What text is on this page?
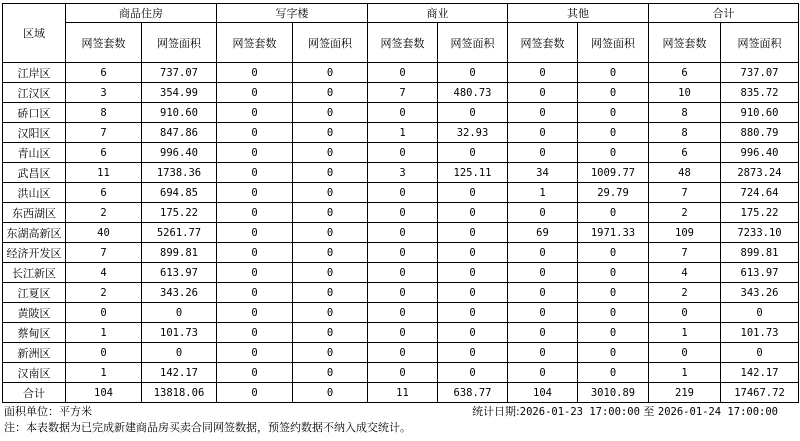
区域	商品住房		写字楼		商业		其他		合计	
	网签套数	网签面积	网签套数	网签面积	网签套数	网签面积	网签套数	网签面积	网签套数	网签面积
江岸区	6	737.07	0	0	0	0	0	0	6	737.07
江汉区	3	354.99	0	0	7	480.73	0	0	10	835.72
硚口区	8	910.60	0	0	0	0	0	0	8	910.60
汉阳区	7	847.86	0	0	1	32.93	0	0	8	880.79
青山区	6	996.40	0	0	0	0	0	0	6	996.40
武昌区	11	1738.36	0	0	3	125.11	34	1009.77	48	2873.24
洪山区	6	694.85	0	0	0	0	1	29.79	7	724.64
东西湖区	2	175.22	0	0	0	0	0	0	2	175.22
东湖高新区	40	5261.77	0	0	0	0	69	1971.33	109	7233.10
经济开发区	7	899.81	0	0	0	0	0	0	7	899.81
长江新区	4	613.97	0	0	0	0	0	0	4	613.97
江夏区	2	343.26	0	0	0	0	0	0	2	343.26
黄陂区	0	0	0	0	0	0	0	0	0	0
蔡甸区	1	101.73	0	0	0	0	0	0	1	101.73
新洲区	0	0	0	0	0	0	0	0	0	0
汉南区	1	142.17	0	0	0	0	0	0	1	142.17
合计	104	13818.06	0	0	11	638.77	104	3010.89	219	17467.72
面积单位：平方米	统计日期:2026-01-23 17:00:00 至 2026-01-24 17:00:00
注：本表数据为已完成新建商品房买卖合同网签数据，预签约数据不纳入成交统计。
